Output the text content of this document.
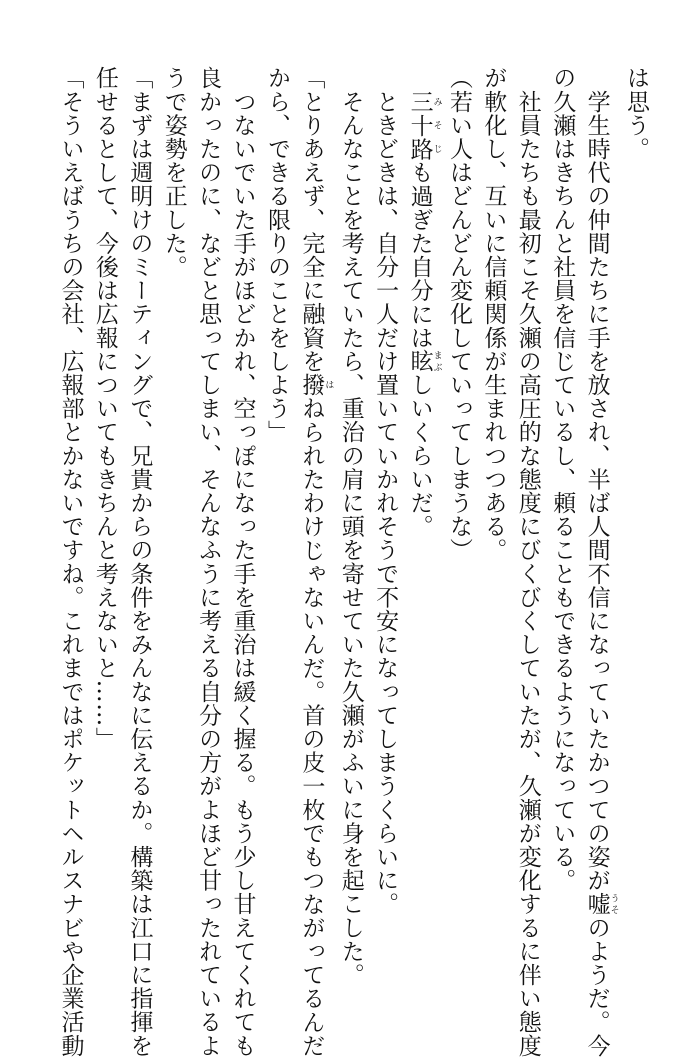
は思う。
　学生時代の仲間たちに手を放され、半ば人間不信になっていたかつての姿が嘘 うそのようだ。今
の久瀬はきちんと社員を信じているし、頼ることもできるようになっている。
　社員たちも最初こそ久瀬の高圧的な態度にびくびくしていたが、久瀬が変化するに伴い態度
が軟化し、互いに信頼関係が生まれつつある。
（若い人はどんどん変化していってしまうな）
　三十路 みそじも過ぎた自分には眩 まぶしいくらいだ。
　ときどきは、自分一人だけ置いていかれそうで不安になってしまうくらいに。
　そんなことを考えていたら、重治の肩に頭を寄せていた久瀬がふいに身を起こした。
「とりあえず、完全に融資を撥 はねられたわけじゃないんだ。首の皮一枚でもつながってるんだ
から、できる限りのことをしよう」
　つないでいた手がほどかれ、空っぽになった手を重治は緩く握る。もう少し甘えてくれても
良かったのに、などと思ってしまい、そんなふうに考える自分の方がよほど甘ったれているよ
うで姿勢を正した。
「まずは週明けのミーティングで、兄貴からの条件をみんなに伝えるか。構築は江口に指揮を
任せるとして、今後は広報についてもきちんと考えないと……」
「そういえばうちの会社、広報部とかないですね。これまではポケットヘルスナビや企業活動
